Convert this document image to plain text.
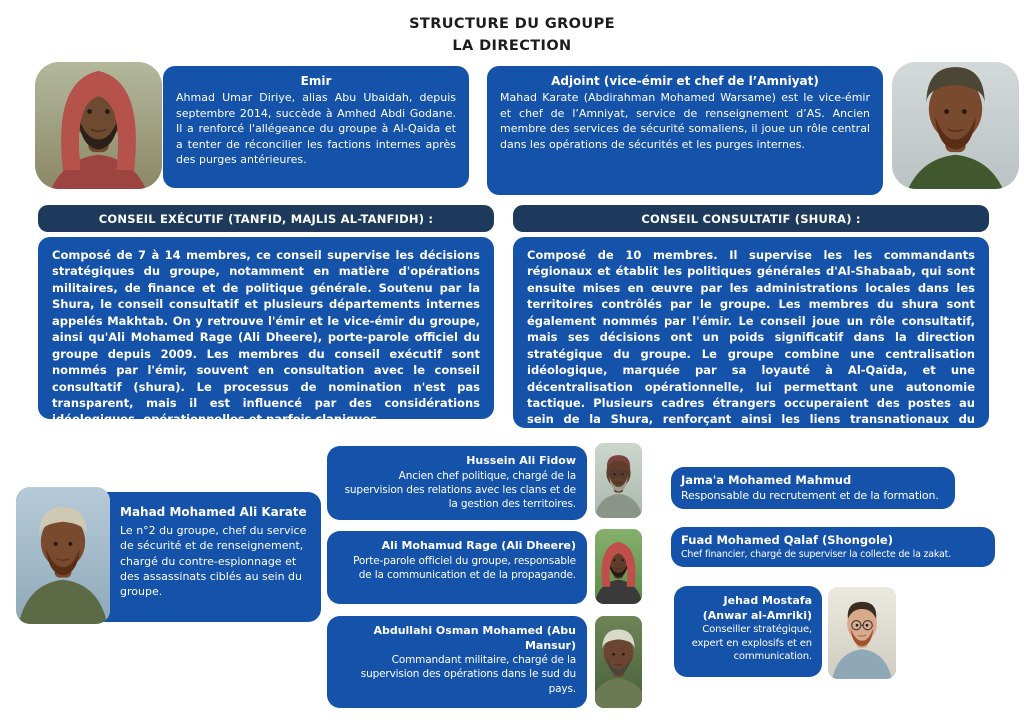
STRUCTURE DU GROUPE
LA DIRECTION
Emir
Ahmad Umar Diriye, alias Abu Ubaidah, depuis septembre 2014, succède à Amhed Abdi Godane. Il a renforcé l'allégeance du groupe à Al-Qaida et a tenter de réconcilier les factions internes après des purges antérieures.
Adjoint (vice-émir et chef de l’Amniyat)
Mahad Karate (Abdirahman Mohamed Warsame) est le vice-émir et chef de l’Amniyat, service de renseignement d’AS. Ancien membre des services de sécurité somaliens, il joue un rôle central dans les opérations de sécurités et les purges internes.
CONSEIL EXÉCUTIF (TANFID, MAJLIS AL-TANFIDH) :
Composé de 7 à 14 membres, ce conseil supervise les décisions stratégiques du groupe, notamment en matière d'opérations militaires, de finance et de politique générale. Soutenu par la Shura, le conseil consultatif et plusieurs départements internes appelés Makhtab. On y retrouve l'émir et le vice-émir du groupe, ainsi qu'Ali Mohamed Rage (Ali Dheere), porte-parole officiel du groupe depuis 2009. Les membres du conseil exécutif sont nommés par l'émir, souvent en consultation avec le conseil consultatif (shura). Le processus de nomination n'est pas transparent, mais il est influencé par des considérations idéologiques, opérationnelles et parfois claniques
CONSEIL CONSULTATIF (SHURA) :
Composé de 10 membres. Il supervise les les commandants régionaux et établit les politiques générales d'Al-Shabaab, qui sont ensuite mises en œuvre par les administrations locales dans les territoires contrôlés par le groupe. Les membres du shura sont également nommés par l'émir. Le conseil joue un rôle consultatif, mais ses décisions ont un poids significatif dans la direction stratégique du groupe. Le groupe combine une centralisation idéologique, marquée par sa loyauté à Al-Qaïda, et une décentralisation opérationnelle, lui permettant une autonomie tactique. Plusieurs cadres étrangers occuperaient des postes au sein de la Shura, renforçant ainsi les liens transnationaux du groupe.
Mahad Mohamed Ali Karate
Le n°2 du groupe, chef du service de sécurité et de renseignement, chargé du contre-espionnage et des assassinats ciblés au sein du groupe.
Hussein Ali Fidow
Ancien chef politique, chargé de la supervision des relations avec les clans et de la gestion des territoires.
Ali Mohamud Rage (Ali Dheere)
Porte-parole officiel du groupe, responsable de la communication et de la propagande.
Abdullahi Osman Mohamed (Abu Mansur)
Commandant militaire, chargé de la supervision des opérations dans le sud du pays.
Jama'a Mohamed Mahmud
Responsable du recrutement et de la formation.
Fuad Mohamed Qalaf (Shongole)
Chef financier, chargé de superviser la collecte de la zakat.
Jehad Mostafa (Anwar al-Amriki)
Conseiller stratégique, expert en explosifs et en communication.
